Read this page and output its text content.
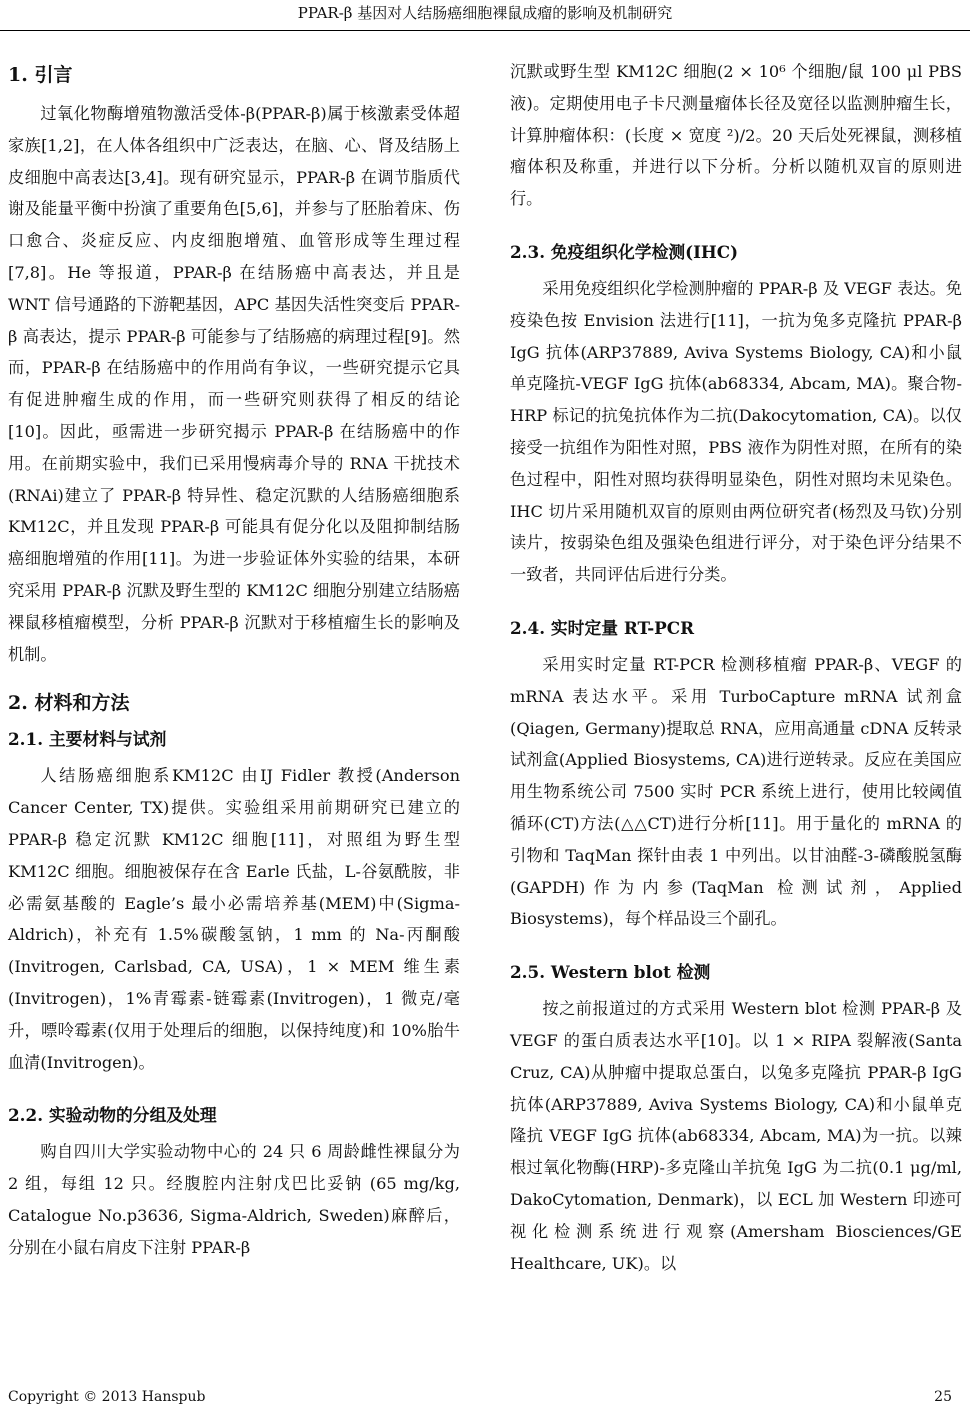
PPAR-β 基因对人结肠癌细胞裸鼠成瘤的影响及机制研究
1. 引言

过氧化物酶增殖物激活受体-β(PPAR-β)属于核激素受体超家族[1,2]，在人体各组织中广泛表达，在脑、心、肾及结肠上皮细胞中高表达[3,4]。现有研究显示，PPAR-β 在调节脂质代谢及能量平衡中扮演了重要角色[5,6]，并参与了胚胎着床、伤口愈合、炎症反应、内皮细胞增殖、血管形成等生理过程[7,8]。He 等报道，PPAR-β 在结肠癌中高表达，并且是 WNT 信号通路的下游靶基因，APC 基因失活性突变后 PPAR-β 高表达，提示 PPAR-β 可能参与了结肠癌的病理过程[9]。然而，PPAR-β 在结肠癌中的作用尚有争议，一些研究提示它具有促进肿瘤生成的作用，而一些研究则获得了相反的结论[10]。因此，亟需进一步研究揭示 PPAR-β 在结肠癌中的作用。在前期实验中，我们已采用慢病毒介导的 RNA 干扰技术(RNAi)建立了 PPAR-β 特异性、稳定沉默的人结肠癌细胞系 KM12C，并且发现 PPAR-β 可能具有促分化以及阻抑制结肠癌细胞增殖的作用[11]。为进一步验证体外实验的结果，本研究采用 PPAR-β 沉默及野生型的 KM12C 细胞分别建立结肠癌裸鼠移植瘤模型，分析 PPAR-β 沉默对于移植瘤生长的影响及机制。

2. 材料和方法
2.1. 主要材料与试剂

人结肠癌细胞系KM12C 由IJ Fidler 教授(Anderson Cancer Center, TX)提供。实验组采用前期研究已建立的 PPAR-β 稳定沉默 KM12C 细胞[11]，对照组为野生型 KM12C 细胞。细胞被保存在含 Earle 氏盐，L-谷氨酰胺，非必需氨基酸的 Eagle’s 最小必需培养基(MEM)中(Sigma-Aldrich)，补充有 1.5%碳酸氢钠，1 mm 的 Na-丙酮酸(Invitrogen, Carlsbad, CA, USA)，1 × MEM 维生素(Invitrogen)，1%青霉素-链霉素(Invitrogen)，1 微克/毫升，嘌呤霉素(仅用于处理后的细胞，以保持纯度)和 10%胎牛血清(Invitrogen)。

2.2. 实验动物的分组及处理

购自四川大学实验动物中心的 24 只 6 周龄雌性裸鼠分为 2 组，每组 12 只。经腹腔内注射戊巴比妥钠 (65 mg/kg, Catalogue No.p3636, Sigma-Aldrich, Sweden)麻醉后，分别在小鼠右肩皮下注射 PPAR-β

沉默或野生型 KM12C 细胞(2 × 10⁶ 个细胞/鼠 100 μl PBS 液)。定期使用电子卡尺测量瘤体长径及宽径以监测肿瘤生长，计算肿瘤体积：(长度 × 宽度 ²)/2。20 天后处死裸鼠，测移植瘤体积及称重，并进行以下分析。分析以随机双盲的原则进行。

2.3. 免疫组织化学检测(IHC)

采用免疫组织化学检测肿瘤的 PPAR-β 及 VEGF 表达。免疫染色按 Envision 法进行[11]，一抗为兔多克隆抗 PPAR-β IgG 抗体(ARP37889, Aviva Systems Biology, CA)和小鼠单克隆抗-VEGF IgG 抗体(ab68334, Abcam, MA)。聚合物-HRP 标记的抗兔抗体作为二抗(Dakocytomation, CA)。以仅接受一抗组作为阳性对照，PBS 液作为阴性对照，在所有的染色过程中，阳性对照均获得明显染色，阴性对照均未见染色。IHC 切片采用随机双盲的原则由两位研究者(杨烈及马钦)分别读片，按弱染色组及强染色组进行评分，对于染色评分结果不一致者，共同评估后进行分类。

2.4. 实时定量 RT-PCR

采用实时定量 RT-PCR 检测移植瘤 PPAR-β、VEGF 的 mRNA 表达水平。采用 TurboCapture mRNA 试剂盒(Qiagen, Germany)提取总 RNA，应用高通量 cDNA 反转录试剂盒(Applied Biosystems, CA)进行逆转录。反应在美国应用生物系统公司 7500 实时 PCR 系统上进行，使用比较阈值循环(CT)方法(△△CT)进行分析[11]。用于量化的 mRNA 的引物和 TaqMan 探针由表 1 中列出。以甘油醛-3-磷酸脱氢酶(GAPDH)作为内参(TaqMan 检测试剂，Applied Biosystems)，每个样品设三个副孔。

2.5. Western blot 检测

按之前报道过的方式采用 Western blot 检测 PPAR-β 及 VEGF 的蛋白质表达水平[10]。以 1 × RIPA 裂解液(Santa Cruz, CA)从肿瘤中提取总蛋白，以兔多克隆抗 PPAR-β IgG 抗体(ARP37889, Aviva Systems Biology, CA)和小鼠单克隆抗 VEGF IgG 抗体(ab68334, Abcam, MA)为一抗。以辣根过氧化物酶(HRP)-多克隆山羊抗兔 IgG 为二抗(0.1 μg/ml, DakoCytomation, Denmark)，以 ECL 加 Western 印迹可视化检测系统进行观察(Amersham Biosciences/GE Healthcare, UK)。以

Copyright © 2013 Hanspub	25
